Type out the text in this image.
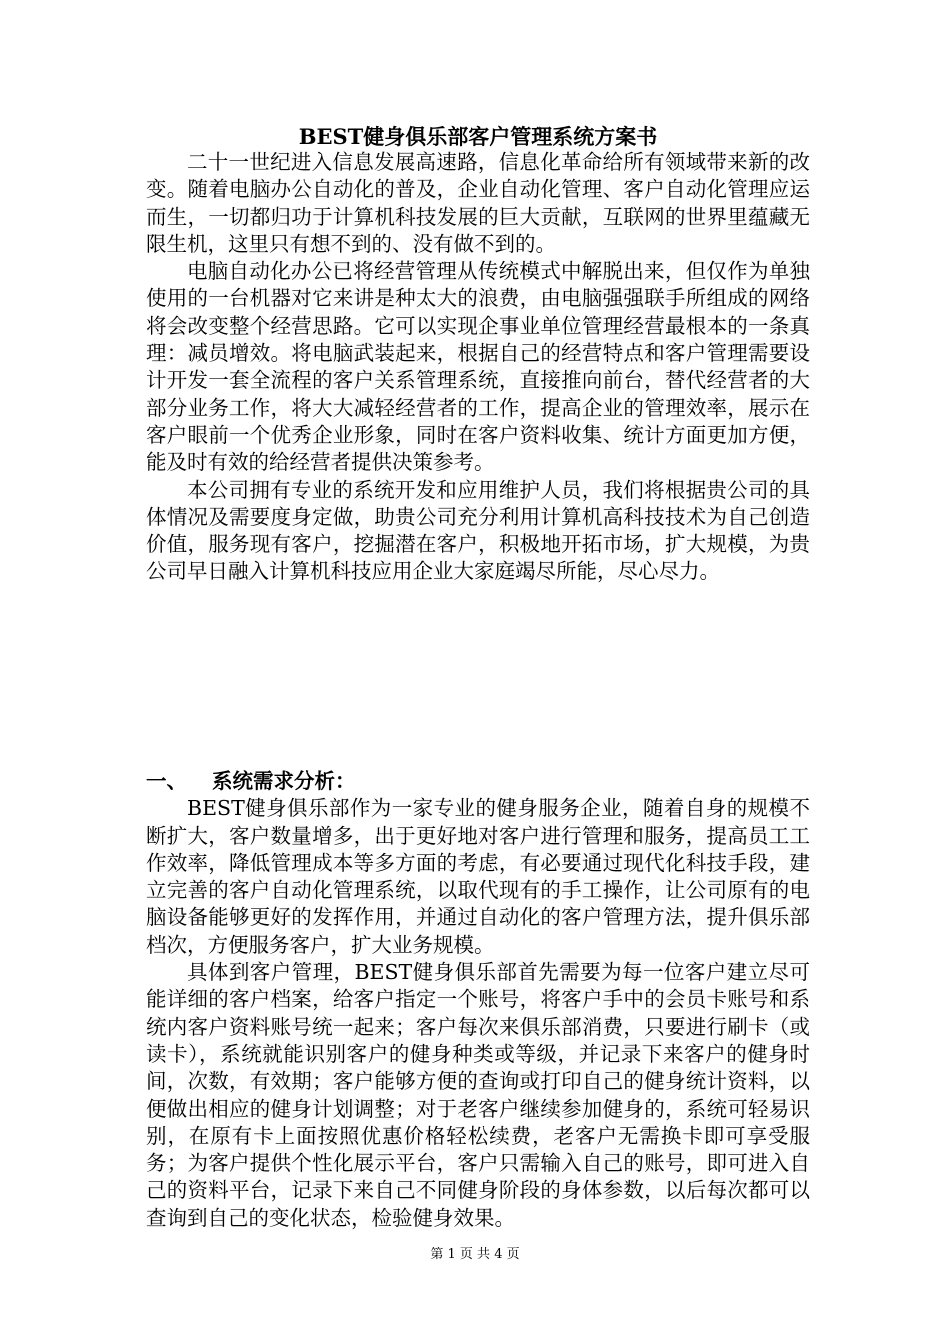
BEST健身俱乐部客户管理系统方案书

二十一世纪进入信息发展高速路，信息化革命给所有领域带来新的改变。随着电脑办公自动化的普及，企业自动化管理、客户自动化管理应运而生，一切都归功于计算机科技发展的巨大贡献，互联网的世界里蕴藏无限生机，这里只有想不到的、没有做不到的。

电脑自动化办公已将经营管理从传统模式中解脱出来，但仅作为单独使用的一台机器对它来讲是种太大的浪费，由电脑强强联手所组成的网络将会改变整个经营思路。它可以实现企事业单位管理经营最根本的一条真理：减员增效。将电脑武装起来，根据自己的经营特点和客户管理需要设计开发一套全流程的客户关系管理系统，直接推向前台，替代经营者的大部分业务工作，将大大减轻经营者的工作，提高企业的管理效率，展示在客户眼前一个优秀企业形象，同时在客户资料收集、统计方面更加方便，能及时有效的给经营者提供决策参考。

本公司拥有专业的系统开发和应用维护人员，我们将根据贵公司的具体情况及需要度身定做，助贵公司充分利用计算机高科技技术为自己创造价值，服务现有客户，挖掘潜在客户，积极地开拓市场，扩大规模，为贵公司早日融入计算机科技应用企业大家庭竭尽所能，尽心尽力。

一、 系统需求分析：

BEST健身俱乐部作为一家专业的健身服务企业，随着自身的规模不断扩大，客户数量增多，出于更好地对客户进行管理和服务，提高员工工作效率，降低管理成本等多方面的考虑，有必要通过现代化科技手段，建立完善的客户自动化管理系统，以取代现有的手工操作，让公司原有的电脑设备能够更好的发挥作用，并通过自动化的客户管理方法，提升俱乐部档次，方便服务客户，扩大业务规模。

具体到客户管理，BEST健身俱乐部首先需要为每一位客户建立尽可能详细的客户档案，给客户指定一个账号，将客户手中的会员卡账号和系统内客户资料账号统一起来；客户每次来俱乐部消费，只要进行刷卡（或读卡），系统就能识别客户的健身种类或等级，并记录下来客户的健身时间，次数，有效期；客户能够方便的查询或打印自己的健身统计资料，以便做出相应的健身计划调整；对于老客户继续参加健身的，系统可轻易识别，在原有卡上面按照优惠价格轻松续费，老客户无需换卡即可享受服务；为客户提供个性化展示平台，客户只需输入自己的账号，即可进入自己的资料平台，记录下来自己不同健身阶段的身体参数，以后每次都可以查询到自己的变化状态，检验健身效果。

第 1 页 共 4 页
